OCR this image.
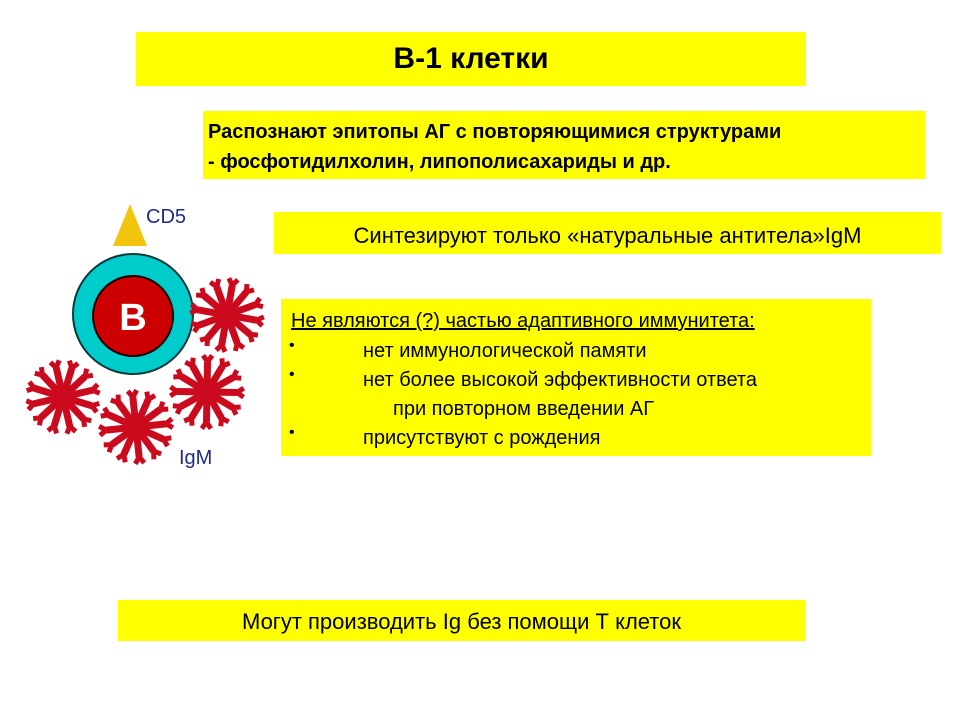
B
CD5
IgM
В-1 клетки
Распознают эпитопы АГ с повторяющимися структурами
- фосфотидилхолин, липополисахариды и др.
Синтезируют только «натуральные антитела»IgM
Не являются (?) частью адаптивного иммунитета:
•	нет иммунологической памяти
•	нет более высокой эффективности ответа
при повторном введении АГ
•	присутствуют с рождения
Могут производить Ig без помощи Т клеток
